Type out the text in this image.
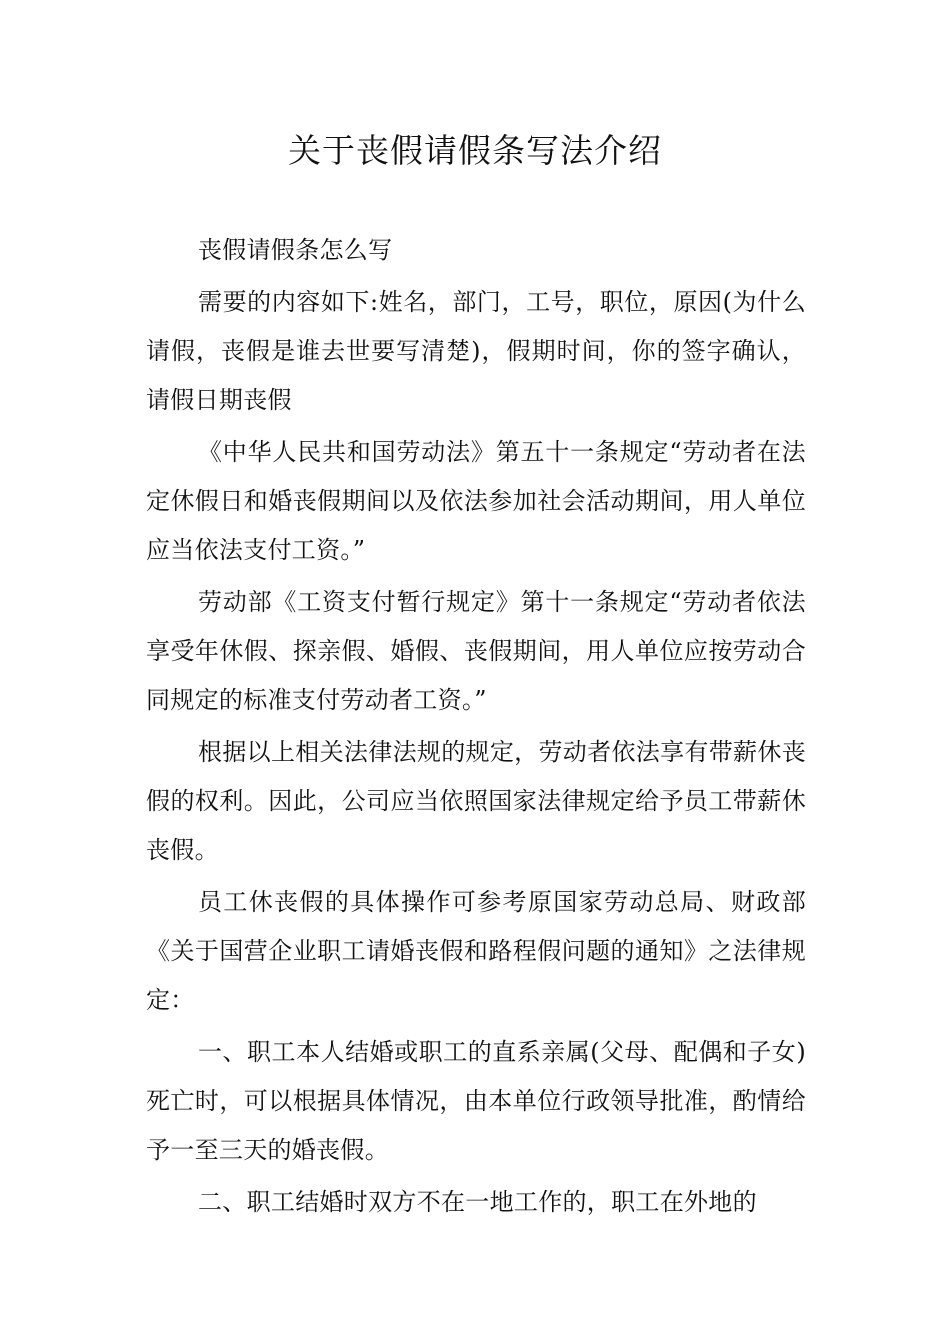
关于丧假请假条写法介绍

丧假请假条怎么写

需要的内容如下:姓名，部门，工号，职位，原因(为什么请假，丧假是谁去世要写清楚)，假期时间，你的签字确认，请假日期丧假

《中华人民共和国劳动法》第五十一条规定“劳动者在法定休假日和婚丧假期间以及依法参加社会活动期间，用人单位应当依法支付工资。”

劳动部《工资支付暂行规定》第十一条规定“劳动者依法享受年休假、探亲假、婚假、丧假期间，用人单位应按劳动合同规定的标准支付劳动者工资。”

根据以上相关法律法规的规定，劳动者依法享有带薪休丧假的权利。因此，公司应当依照国家法律规定给予员工带薪休丧假。

员工休丧假的具体操作可参考原国家劳动总局、财政部《关于国营企业职工请婚丧假和路程假问题的通知》之法律规定：

一、职工本人结婚或职工的直系亲属(父母、配偶和子女)死亡时，可以根据具体情况，由本单位行政领导批准，酌情给予一至三天的婚丧假。

二、职工结婚时双方不在一地工作的，职工在外地的
